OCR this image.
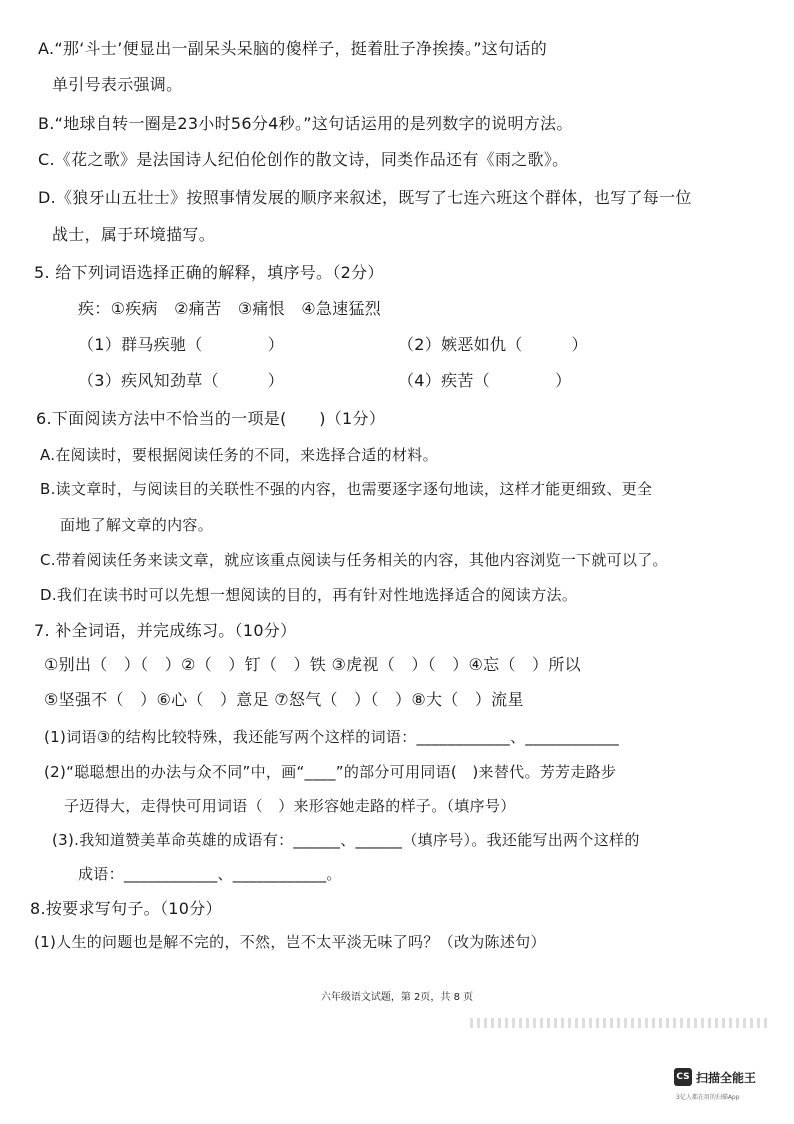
A.“那‘斗士’便显出一副呆头呆脑的傻样子，挺着肚子净挨揍。”这句话的
单引号表示强调。
B.“地球自转一圈是23小时56分4秒。”这句话运用的是列数字的说明方法。
C.《花之歌》是法国诗人纪伯伦创作的散文诗，同类作品还有《雨之歌》。
D.《狼牙山五壮士》按照事情发展的顺序来叙述，既写了七连六班这个群体，也写了每一位
战士，属于环境描写。
5. 给下列词语选择正确的解释，填序号。（2分）
疾：①疾病　②痛苦　③痛恨　④急速猛烈
（1）群马疾驰（　　　　）	（2）嫉恶如仇（　　　）
（3）疾风知劲草（　　　）	（4）疾苦（　　　　）
6.下面阅读方法中不恰当的一项是(　　)（1分）
A.在阅读时，要根据阅读任务的不同，来选择合适的材料。
B.读文章时，与阅读目的关联性不强的内容，也需要逐字逐句地读，这样才能更细致、更全
面地了解文章的内容。
C.带着阅读任务来读文章，就应该重点阅读与任务相关的内容，其他内容浏览一下就可以了。
D.我们在读书时可以先想一想阅读的目的，再有针对性地选择适合的阅读方法。
7. 补全词语，并完成练习。（10分）
①别出（　）（　）②（　）钉（　）铁 ③虎视（　）（　）④忘（　）所以
⑤坚强不（　）⑥心（　）意足 ⑦怒气（　）（　）⑧大（　）流星
(1)词语③的结构比较特殊，我还能写两个这样的词语：____________、____________
(2)“聪聪想出的办法与众不同”中，画“____”的部分可用同语(　)来替代。芳芳走路步
子迈得大，走得快可用词语（　）来形容她走路的样子。（填序号）
(3).我知道赞美革命英雄的成语有：______、______（填序号）。我还能写出两个这样的
成语：____________、____________。
8.按要求写句子。（10分）
(1)人生的问题也是解不完的，不然，岂不太平淡无味了吗？（改为陈述句）
六年级语文试题，第 2页，共 8 页
CS 扫描全能王
3亿人都在用的扫描App
